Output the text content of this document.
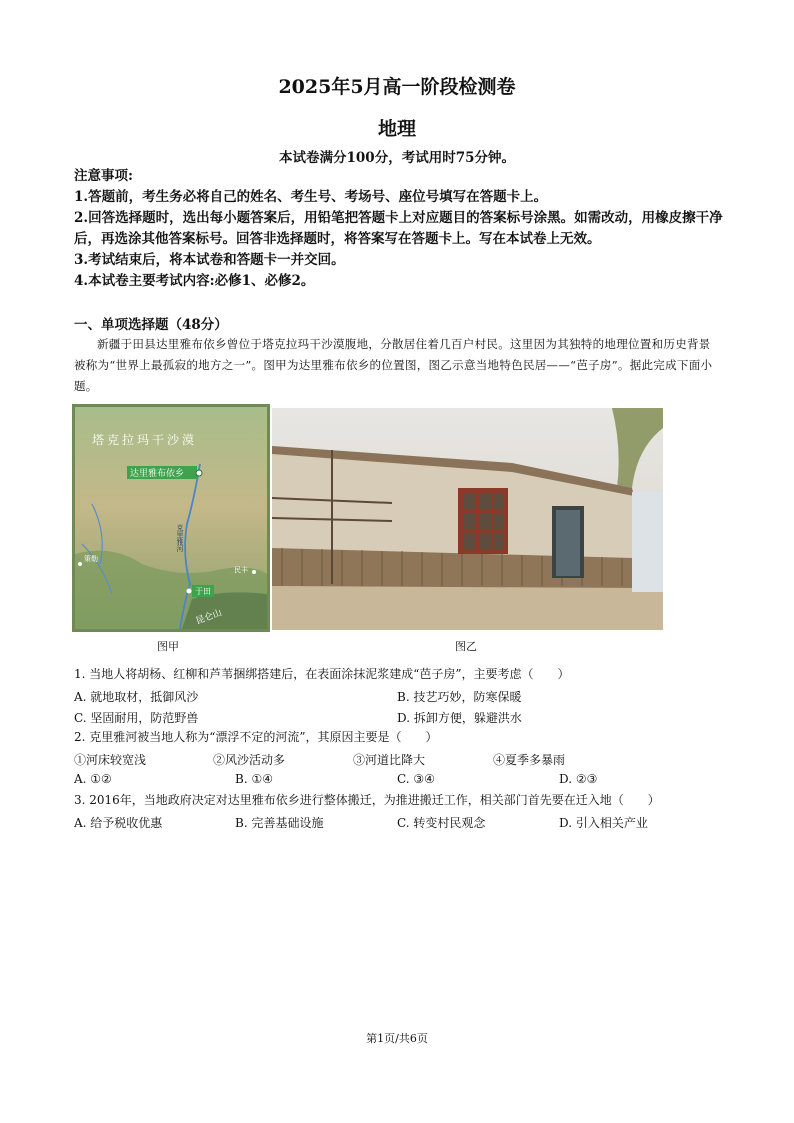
2025年5月高一阶段检测卷
地理
本试卷满分100分，考试用时75分钟。
注意事项:
1.答题前，考生务必将自己的姓名、考生号、考场号、座位号填写在答题卡上。
2.回答选择题时，选出每小题答案后，用铅笔把答题卡上对应题目的答案标号涂黑。如需改动，用橡皮擦干净后，再选涂其他答案标号。回答非选择题时，将答案写在答题卡上。写在本试卷上无效。
3.考试结束后，将本试卷和答题卡一并交回。
4.本试卷主要考试内容:必修1、必修2。
一、单项选择题（48分）
新疆于田县达里雅布依乡曾位于塔克拉玛干沙漠腹地，分散居住着几百户村民。这里因为其独特的地理位置和历史背景被称为“世界上最孤寂的地方之一”。图甲为达里雅布依乡的位置图，图乙示意当地特色民居——“芭子房”。据此完成下面小题。
塔克拉玛干沙漠
达里雅布依乡
克里雅河
于田
策勒
民丰
昆仑山
图甲	图乙
1. 当地人将胡杨、红柳和芦苇捆绑搭建后，在表面涂抹泥浆建成“芭子房”，主要考虑（　　）
A. 就地取材，抵御风沙	B. 技艺巧妙，防寒保暖
C. 坚固耐用，防范野兽	D. 拆卸方便，躲避洪水
2. 克里雅河被当地人称为“漂浮不定的河流”，其原因主要是（　　）
①河床较宽浅	②风沙活动多	③河道比降大	④夏季多暴雨
A. ①②	B. ①④	C. ③④	D. ②③
3. 2016年，当地政府决定对达里雅布依乡进行整体搬迁，为推进搬迁工作，相关部门首先要在迁入地（　　）
A. 给予税收优惠	B. 完善基础设施	C. 转变村民观念	D. 引入相关产业
第1页/共6页
